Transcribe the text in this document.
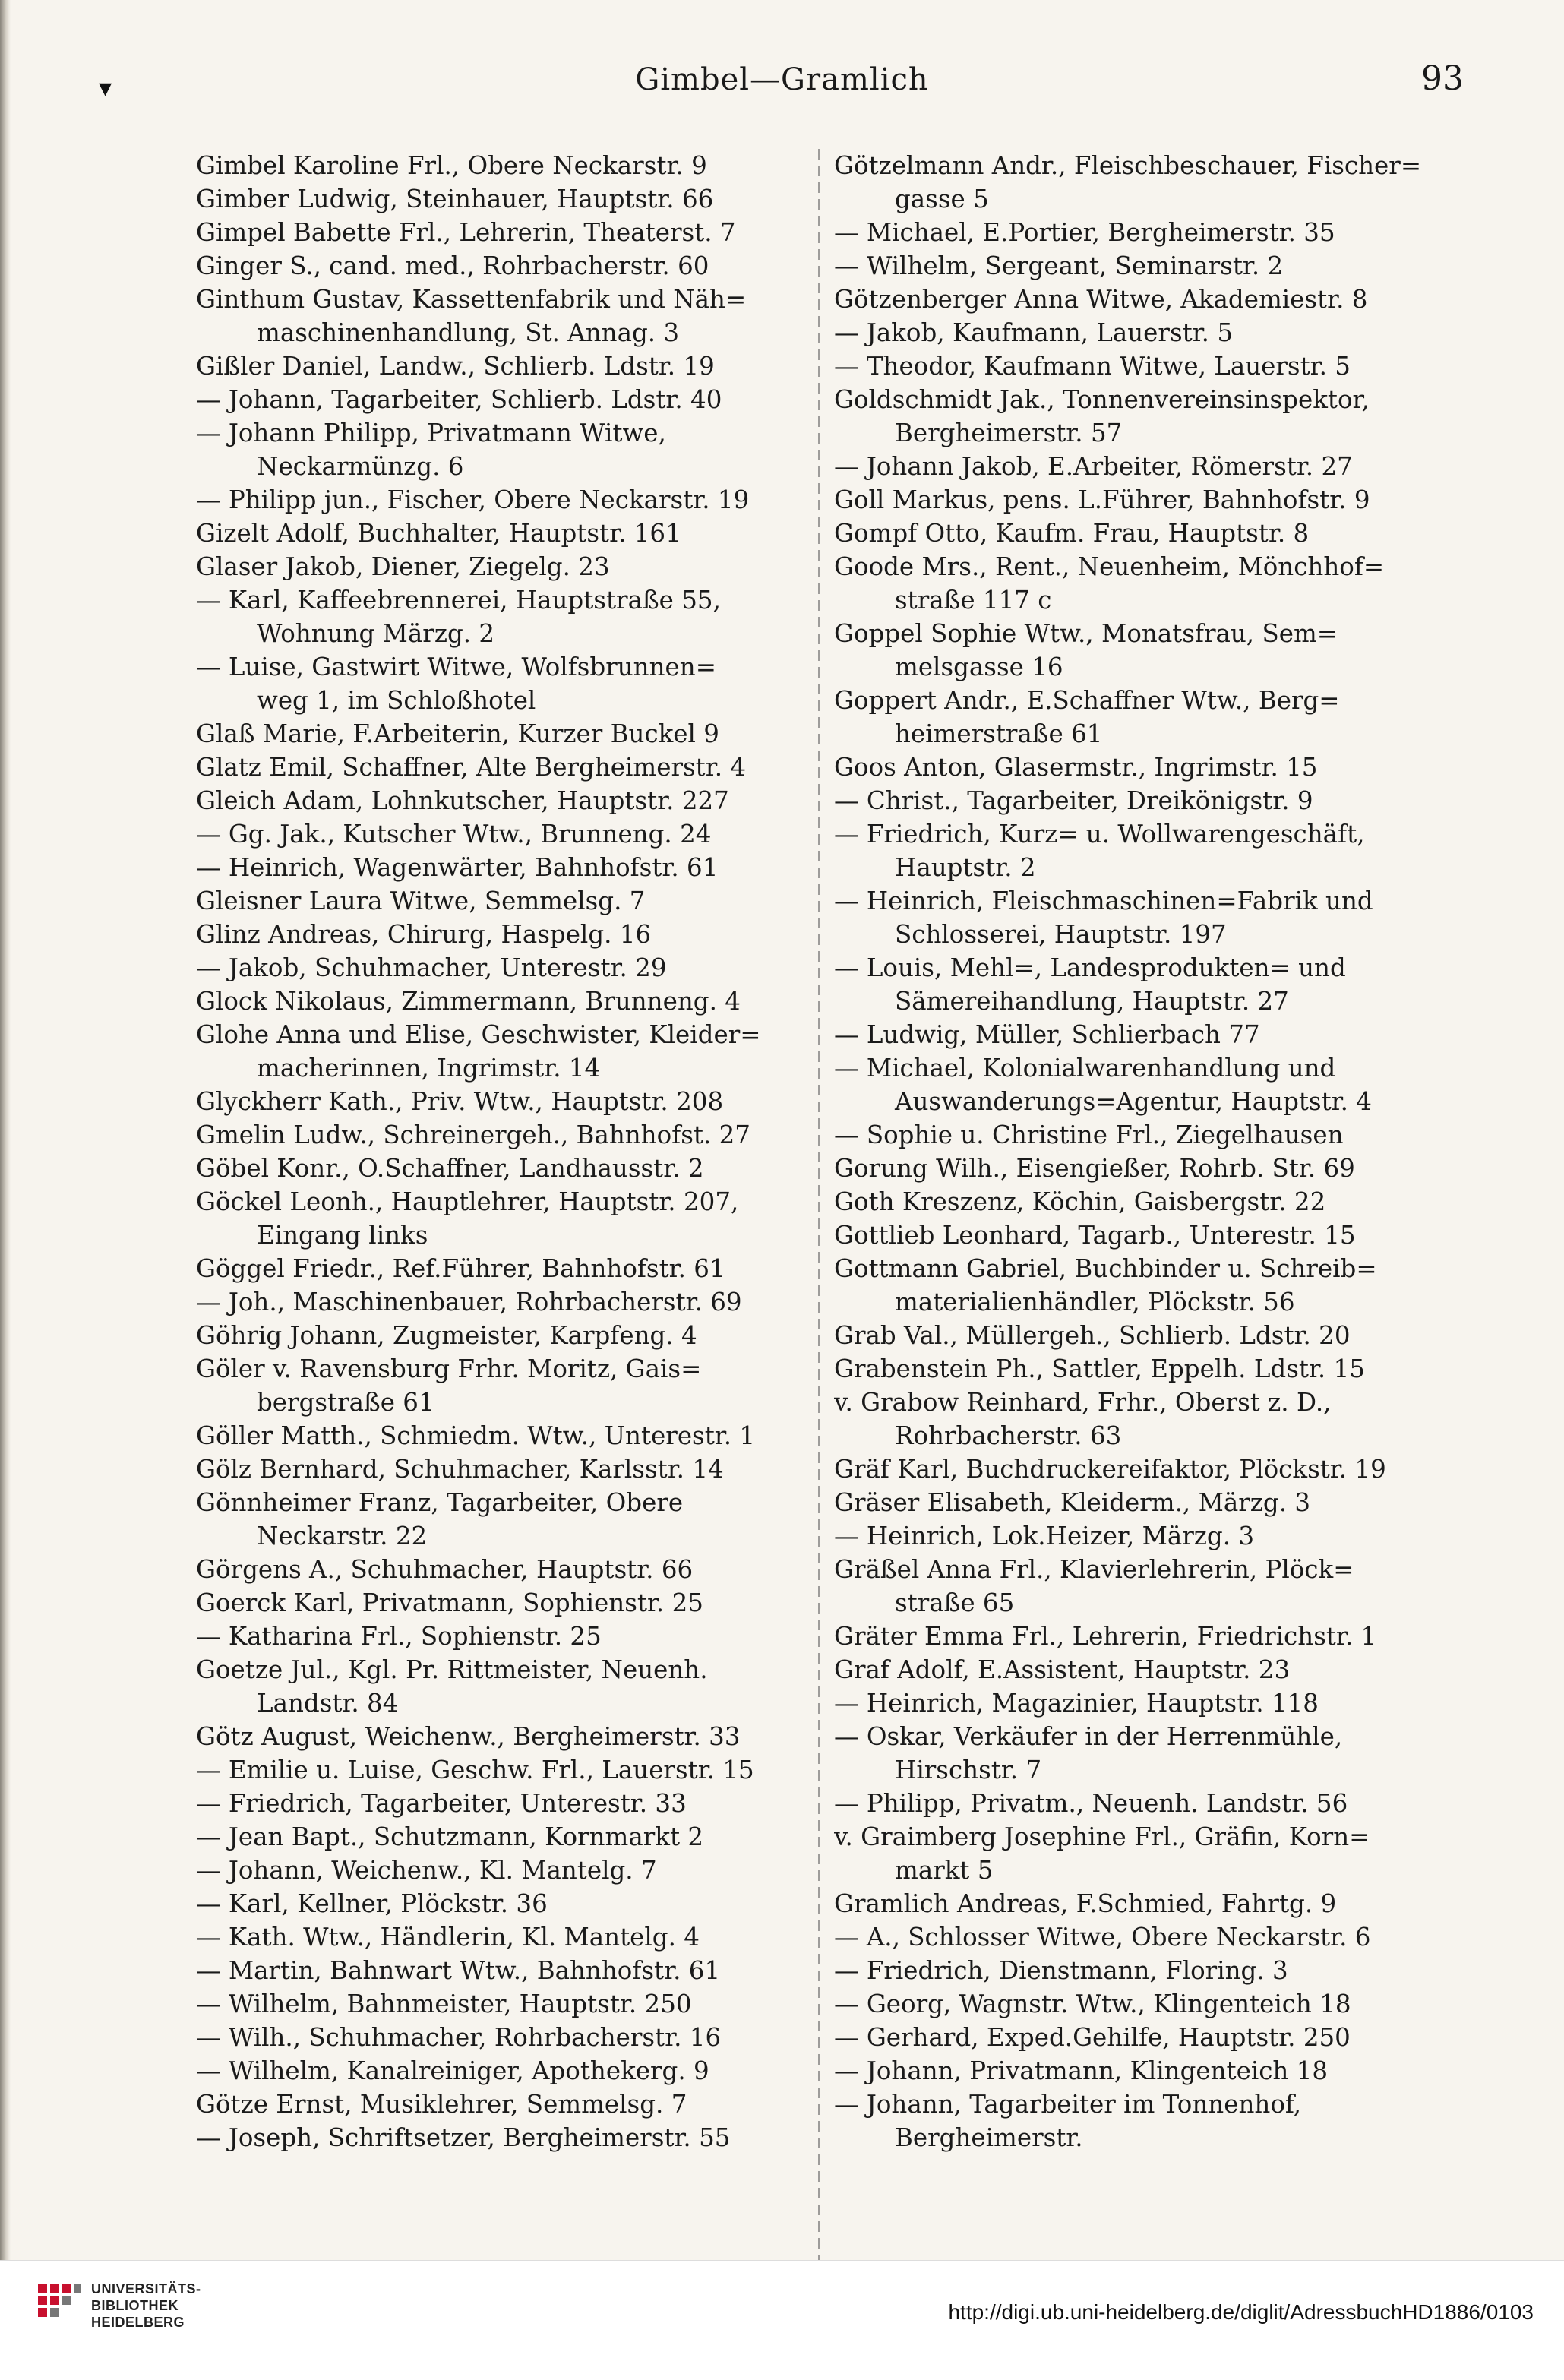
▾	Gimbel—Gramlich	93
Gimbel Karoline Frl., Obere Neckarstr. 9
Gimber Ludwig, Steinhauer, Hauptstr. 66
Gimpel Babette Frl., Lehrerin, Theaterst. 7
Ginger S., cand. med., Rohrbacherstr. 60
Ginthum Gustav, Kassettenfabrik und Näh=
maschinenhandlung, St. Annag. 3
Gißler Daniel, Landw., Schlierb. Ldstr. 19
— Johann, Tagarbeiter, Schlierb. Ldstr. 40
— Johann Philipp, Privatmann Witwe,
Neckarmünzg. 6
— Philipp jun., Fischer, Obere Neckarstr. 19
Gizelt Adolf, Buchhalter, Hauptstr. 161
Glaser Jakob, Diener, Ziegelg. 23
— Karl, Kaffeebrennerei, Hauptstraße 55,
Wohnung Märzg. 2
— Luise, Gastwirt Witwe, Wolfsbrunnen=
weg 1, im Schloßhotel
Glaß Marie, F.Arbeiterin, Kurzer Buckel 9
Glatz Emil, Schaffner, Alte Bergheimerstr. 4
Gleich Adam, Lohnkutscher, Hauptstr. 227
— Gg. Jak., Kutscher Wtw., Brunneng. 24
— Heinrich, Wagenwärter, Bahnhofstr. 61
Gleisner Laura Witwe, Semmelsg. 7
Glinz Andreas, Chirurg, Haspelg. 16
— Jakob, Schuhmacher, Unterestr. 29
Glock Nikolaus, Zimmermann, Brunneng. 4
Glohe Anna und Elise, Geschwister, Kleider=
macherinnen, Ingrimstr. 14
Glyckherr Kath., Priv. Wtw., Hauptstr. 208
Gmelin Ludw., Schreinergeh., Bahnhofst. 27
Göbel Konr., O.Schaffner, Landhausstr. 2
Göckel Leonh., Hauptlehrer, Hauptstr. 207,
Eingang links
Göggel Friedr., Ref.Führer, Bahnhofstr. 61
— Joh., Maschinenbauer, Rohrbacherstr. 69
Göhrig Johann, Zugmeister, Karpfeng. 4
Göler v. Ravensburg Frhr. Moritz, Gais=
bergstraße 61
Göller Matth., Schmiedm. Wtw., Unterestr. 1
Gölz Bernhard, Schuhmacher, Karlsstr. 14
Gönnheimer Franz, Tagarbeiter, Obere
Neckarstr. 22
Görgens A., Schuhmacher, Hauptstr. 66
Goerck Karl, Privatmann, Sophienstr. 25
— Katharina Frl., Sophienstr. 25
Goetze Jul., Kgl. Pr. Rittmeister, Neuenh.
Landstr. 84
Götz August, Weichenw., Bergheimerstr. 33
— Emilie u. Luise, Geschw. Frl., Lauerstr. 15
— Friedrich, Tagarbeiter, Unterestr. 33
— Jean Bapt., Schutzmann, Kornmarkt 2
— Johann, Weichenw., Kl. Mantelg. 7
— Karl, Kellner, Plöckstr. 36
— Kath. Wtw., Händlerin, Kl. Mantelg. 4
— Martin, Bahnwart Wtw., Bahnhofstr. 61
— Wilhelm, Bahnmeister, Hauptstr. 250
— Wilh., Schuhmacher, Rohrbacherstr. 16
— Wilhelm, Kanalreiniger, Apothekerg. 9
Götze Ernst, Musiklehrer, Semmelsg. 7
— Joseph, Schriftsetzer, Bergheimerstr. 55
Götzelmann Andr., Fleischbeschauer, Fischer=
gasse 5
— Michael, E.Portier, Bergheimerstr. 35
— Wilhelm, Sergeant, Seminarstr. 2
Götzenberger Anna Witwe, Akademiestr. 8
— Jakob, Kaufmann, Lauerstr. 5
— Theodor, Kaufmann Witwe, Lauerstr. 5
Goldschmidt Jak., Tonnenvereinsinspektor,
Bergheimerstr. 57
— Johann Jakob, E.Arbeiter, Römerstr. 27
Goll Markus, pens. L.Führer, Bahnhofstr. 9
Gompf Otto, Kaufm. Frau, Hauptstr. 8
Goode Mrs., Rent., Neuenheim, Mönchhof=
straße 117 c
Goppel Sophie Wtw., Monatsfrau, Sem=
melsgasse 16
Goppert Andr., E.Schaffner Wtw., Berg=
heimerstraße 61
Goos Anton, Glasermstr., Ingrimstr. 15
— Christ., Tagarbeiter, Dreikönigstr. 9
— Friedrich, Kurz= u. Wollwarengeschäft,
Hauptstr. 2
— Heinrich, Fleischmaschinen=Fabrik und
Schlosserei, Hauptstr. 197
— Louis, Mehl=, Landesprodukten= und
Sämereihandlung, Hauptstr. 27
— Ludwig, Müller, Schlierbach 77
— Michael, Kolonialwarenhandlung und
Auswanderungs=Agentur, Hauptstr. 4
— Sophie u. Christine Frl., Ziegelhausen
Gorung Wilh., Eisengießer, Rohrb. Str. 69
Goth Kreszenz, Köchin, Gaisbergstr. 22
Gottlieb Leonhard, Tagarb., Unterestr. 15
Gottmann Gabriel, Buchbinder u. Schreib=
materialienhändler, Plöckstr. 56
Grab Val., Müllergeh., Schlierb. Ldstr. 20
Grabenstein Ph., Sattler, Eppelh. Ldstr. 15
v. Grabow Reinhard, Frhr., Oberst z. D.,
Rohrbacherstr. 63
Gräf Karl, Buchdruckereifaktor, Plöckstr. 19
Gräser Elisabeth, Kleiderm., Märzg. 3
— Heinrich, Lok.Heizer, Märzg. 3
Gräßel Anna Frl., Klavierlehrerin, Plöck=
straße 65
Gräter Emma Frl., Lehrerin, Friedrichstr. 1
Graf Adolf, E.Assistent, Hauptstr. 23
— Heinrich, Magazinier, Hauptstr. 118
— Oskar, Verkäufer in der Herrenmühle,
Hirschstr. 7
— Philipp, Privatm., Neuenh. Landstr. 56
v. Graimberg Josephine Frl., Gräfin, Korn=
markt 5
Gramlich Andreas, F.Schmied, Fahrtg. 9
— A., Schlosser Witwe, Obere Neckarstr. 6
— Friedrich, Dienstmann, Floring. 3
— Georg, Wagnstr. Wtw., Klingenteich 18
— Gerhard, Exped.Gehilfe, Hauptstr. 250
— Johann, Privatmann, Klingenteich 18
— Johann, Tagarbeiter im Tonnenhof,
Bergheimerstr.
UNIVERSITÄTS-
BIBLIOTHEK
HEIDELBERG	http://digi.ub.uni-heidelberg.de/diglit/AdressbuchHD1886/0103
